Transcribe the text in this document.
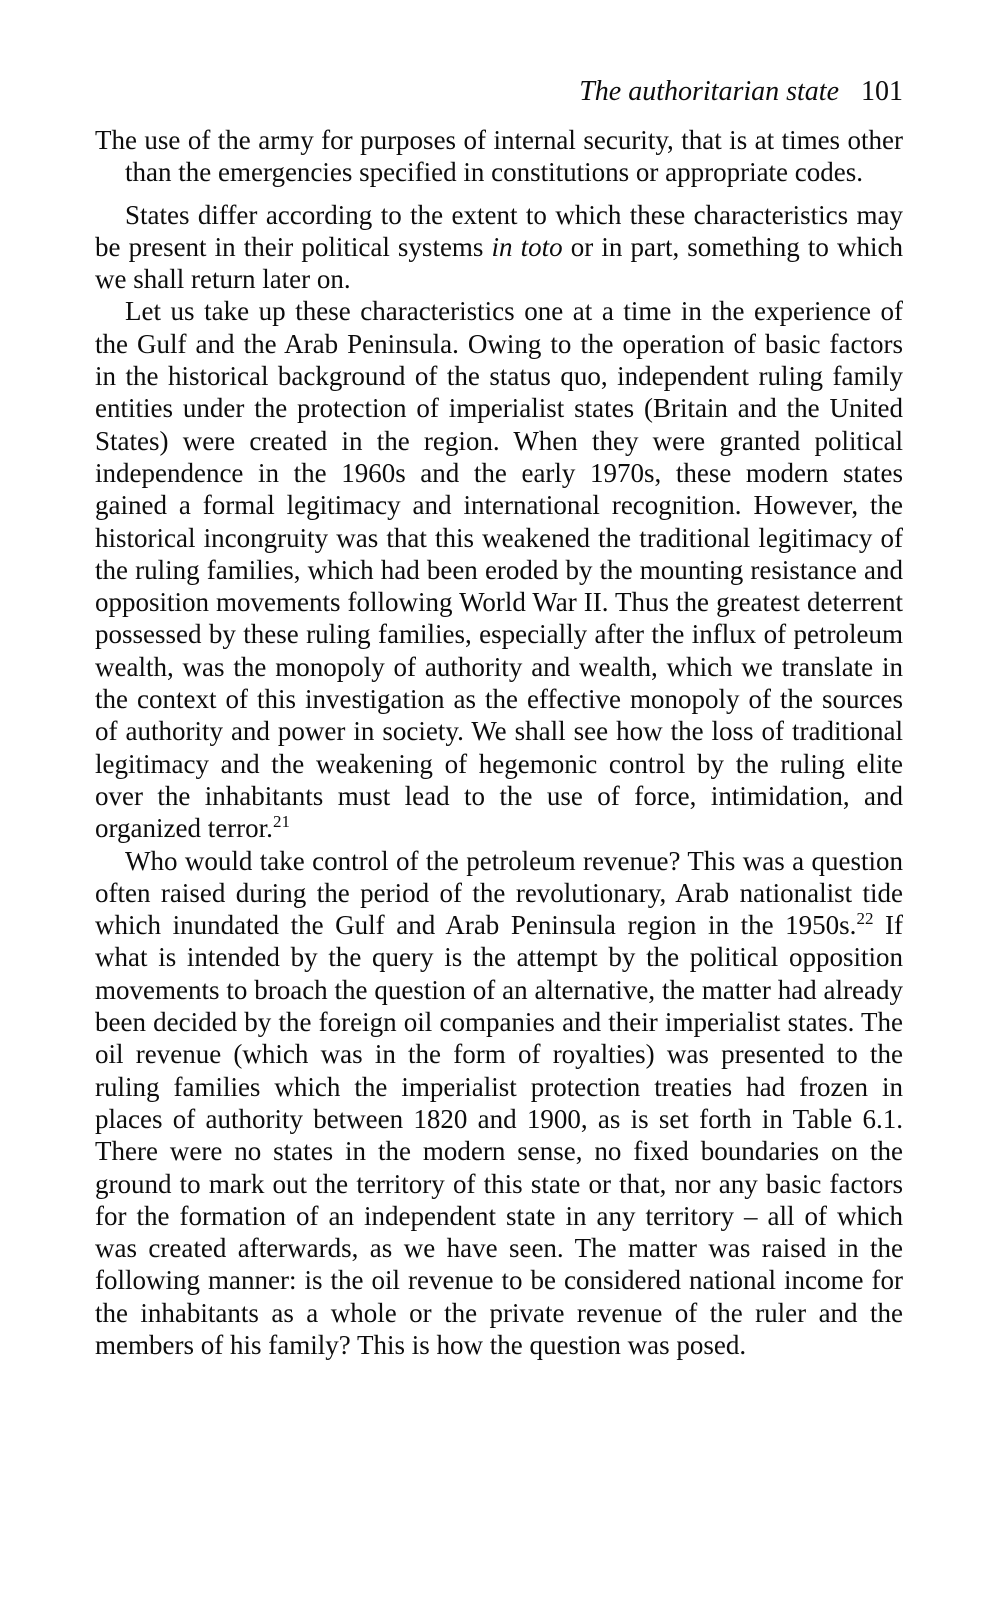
The authoritarian state 101

The use of the army for purposes of internal security, that is at times other than the emergencies specified in constitutions or appropriate codes.

States differ according to the extent to which these characteristics may be present in their political systems in toto or in part, something to which we shall return later on.

Let us take up these characteristics one at a time in the experience of the Gulf and the Arab Peninsula. Owing to the operation of basic factors in the historical background of the status quo, independent ruling family entities under the protection of imperialist states (Britain and the United States) were created in the region. When they were granted political independence in the 1960s and the early 1970s, these modern states gained a formal legitimacy and international recognition. However, the historical incongruity was that this weakened the traditional legitimacy of the ruling families, which had been eroded by the mounting resistance and opposition movements following World War II. Thus the greatest deterrent possessed by these ruling families, especially after the influx of petroleum wealth, was the monopoly of authority and wealth, which we translate in the context of this investigation as the effective monopoly of the sources of authority and power in society. We shall see how the loss of traditional legitimacy and the weakening of hegemonic control by the ruling elite over the inhabitants must lead to the use of force, intimidation, and organized terror.$^{21}$

Who would take control of the petroleum revenue? This was a question often raised during the period of the revolutionary, Arab nationalist tide which inundated the Gulf and Arab Peninsula region in the 1950s.$^{22}$ If what is intended by the query is the attempt by the political opposition movements to broach the question of an alternative, the matter had already been decided by the foreign oil companies and their imperialist states. The oil revenue (which was in the form of royalties) was presented to the ruling families which the imperialist protection treaties had frozen in places of authority between 1820 and 1900, as is set forth in Table 6.1. There were no states in the modern sense, no fixed boundaries on the ground to mark out the territory of this state or that, nor any basic factors for the formation of an independent state in any territory – all of which was created afterwards, as we have seen. The matter was raised in the following manner: is the oil revenue to be considered national income for the inhabitants as a whole or the private revenue of the ruler and the members of his family? This is how the question was posed.
